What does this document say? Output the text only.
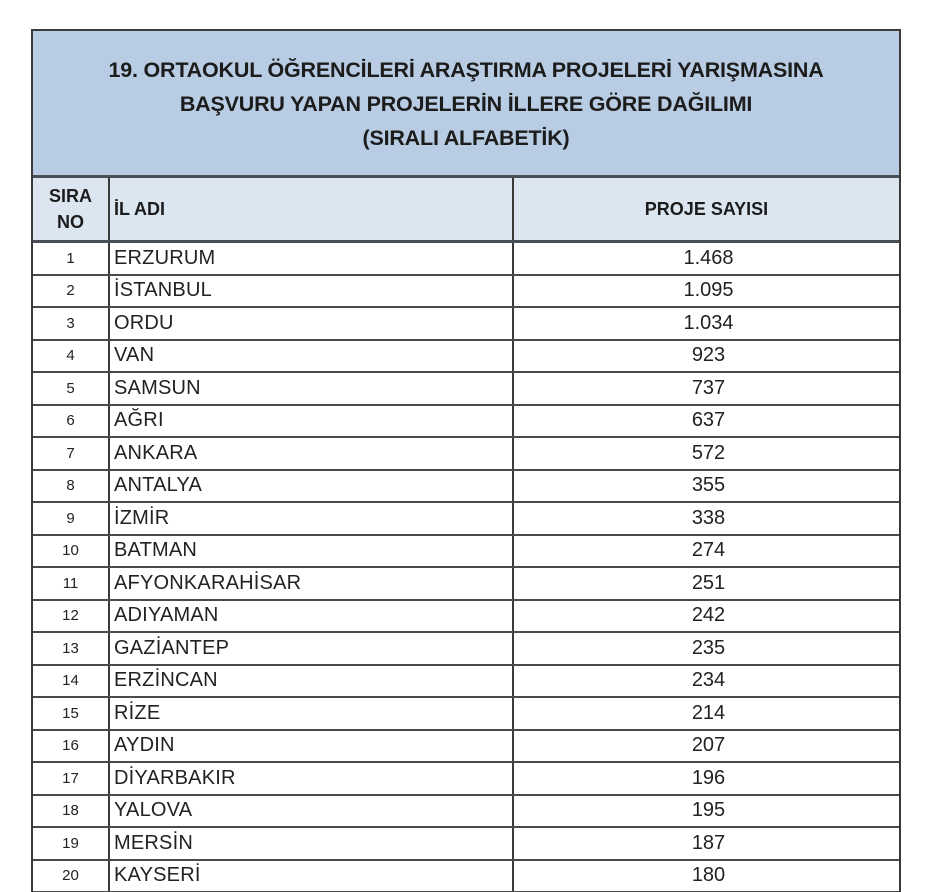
19. ORTAOKUL ÖĞRENCİLERİ ARAŞTIRMA PROJELERİ YARIŞMASINA
BAŞVURU YAPAN PROJELERİN İLLERE GÖRE DAĞILIMI
(SIRALI ALFABETİK)
SIRA
NO	İL ADI	PROJE SAYISI
1	ERZURUM	1.468
2	İSTANBUL	1.095
3	ORDU	1.034
4	VAN	923
5	SAMSUN	737
6	AĞRI	637
7	ANKARA	572
8	ANTALYA	355
9	İZMİR	338
10	BATMAN	274
11	AFYONKARAHİSAR	251
12	ADIYAMAN	242
13	GAZİANTEP	235
14	ERZİNCAN	234
15	RİZE	214
16	AYDIN	207
17	DİYARBAKIR	196
18	YALOVA	195
19	MERSİN	187
20	KAYSERİ	180
